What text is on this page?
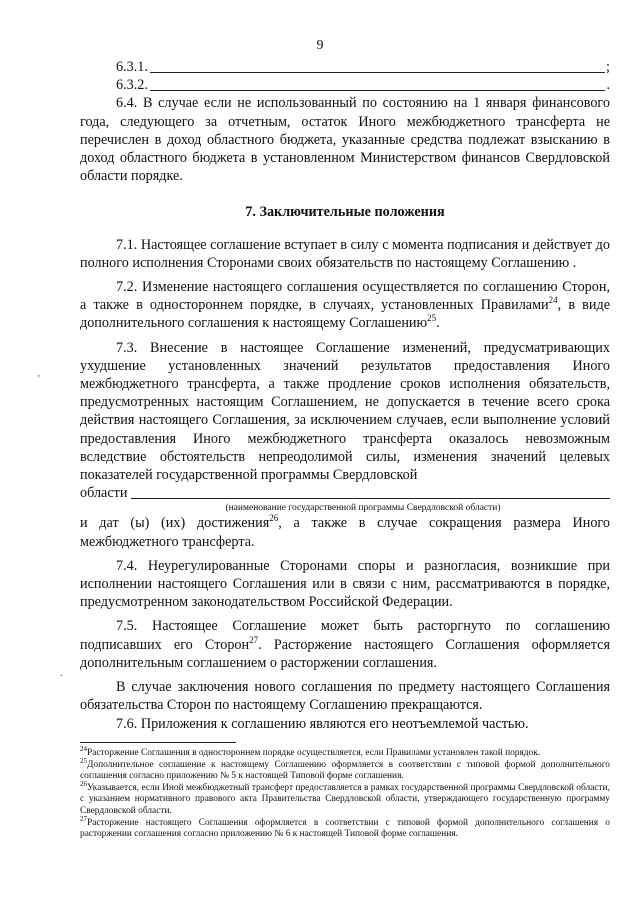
9
'
.
6.3.1.	;
6.3.2.	.
6.4. В случае если не использованный по состоянию на 1 января финансового года, следующего за отчетным, остаток Иного межбюджетного трансферта не перечислен в доход областного бюджета, указанные средства подлежат взысканию в доход областного бюджета в установленном Министерством финансов Свердловской области порядке.
7. Заключительные положения
7.1. Настоящее соглашение вступает в силу с момента подписания и действует до полного исполнения Сторонами своих обязательств по настоящему Соглашению .
7.2. Изменение настоящего соглашения осуществляется по соглашению Сторон, а также в одностороннем порядке, в случаях, установленных Правилами$^{24}$, в виде дополнительного соглашения к настоящему Соглашению$^{25}$.
7.3. Внесение в настоящее Соглашение изменений, предусматривающих ухудшение установленных значений результатов предоставления Иного межбюджетного трансферта, а также продление сроков исполнения обязательств, предусмотренных настоящим Соглашением, не допускается в течение всего срока действия настоящего Соглашения, за исключением случаев, если выполнение условий предоставления Иного межбюджетного трансферта оказалось невозможным вследствие обстоятельств непреодолимой силы, изменения значений целевых показателей государственной программы Свердловской
области
(наименование государственной программы Свердловской области)
и дат (ы) (их) достижения$^{26}$, а также в случае сокращения размера Иного межбюджетного трансферта.
7.4. Неурегулированные Сторонами споры и разногласия, возникшие при исполнении настоящего Соглашения или в связи с ним, рассматриваются в порядке, предусмотренном законодательством Российской Федерации.
7.5. Настоящее Соглашение может быть расторгнуто по соглашению подписавших его Сторон$^{27}$. Расторжение настоящего Соглашения оформляется дополнительным соглашением о расторжении соглашения.
В случае заключения нового соглашения по предмету настоящего Соглашения обязательства Сторон по настоящему Соглашению прекращаются.
7.6. Приложения к соглашению являются его неотъемлемой частью.
$^{24}$Расторжение Соглашения в одностороннем порядке осуществляется, если Правилами установлен такой порядок.
$^{25}$Дополнительное соглашение к настоящему Соглашению оформляется в соответствии с типовой формой дополнительного соглашения согласно приложению № 5 к настоящей Типовой форме соглашения.
$^{26}$Указывается, если Иной межбюджетный трансферт предоставляется в рамках государственной программы Свердловской области, с указанием нормативного правового акта Правительства Свердловской области, утверждающего государственную программу Свердловской области.
$^{27}$Расторжение настоящего Соглашения оформляется в соответствии с типовой формой дополнительного соглашения о расторжении соглашения согласно приложению № 6 к настоящей Типовой форме соглашения.
